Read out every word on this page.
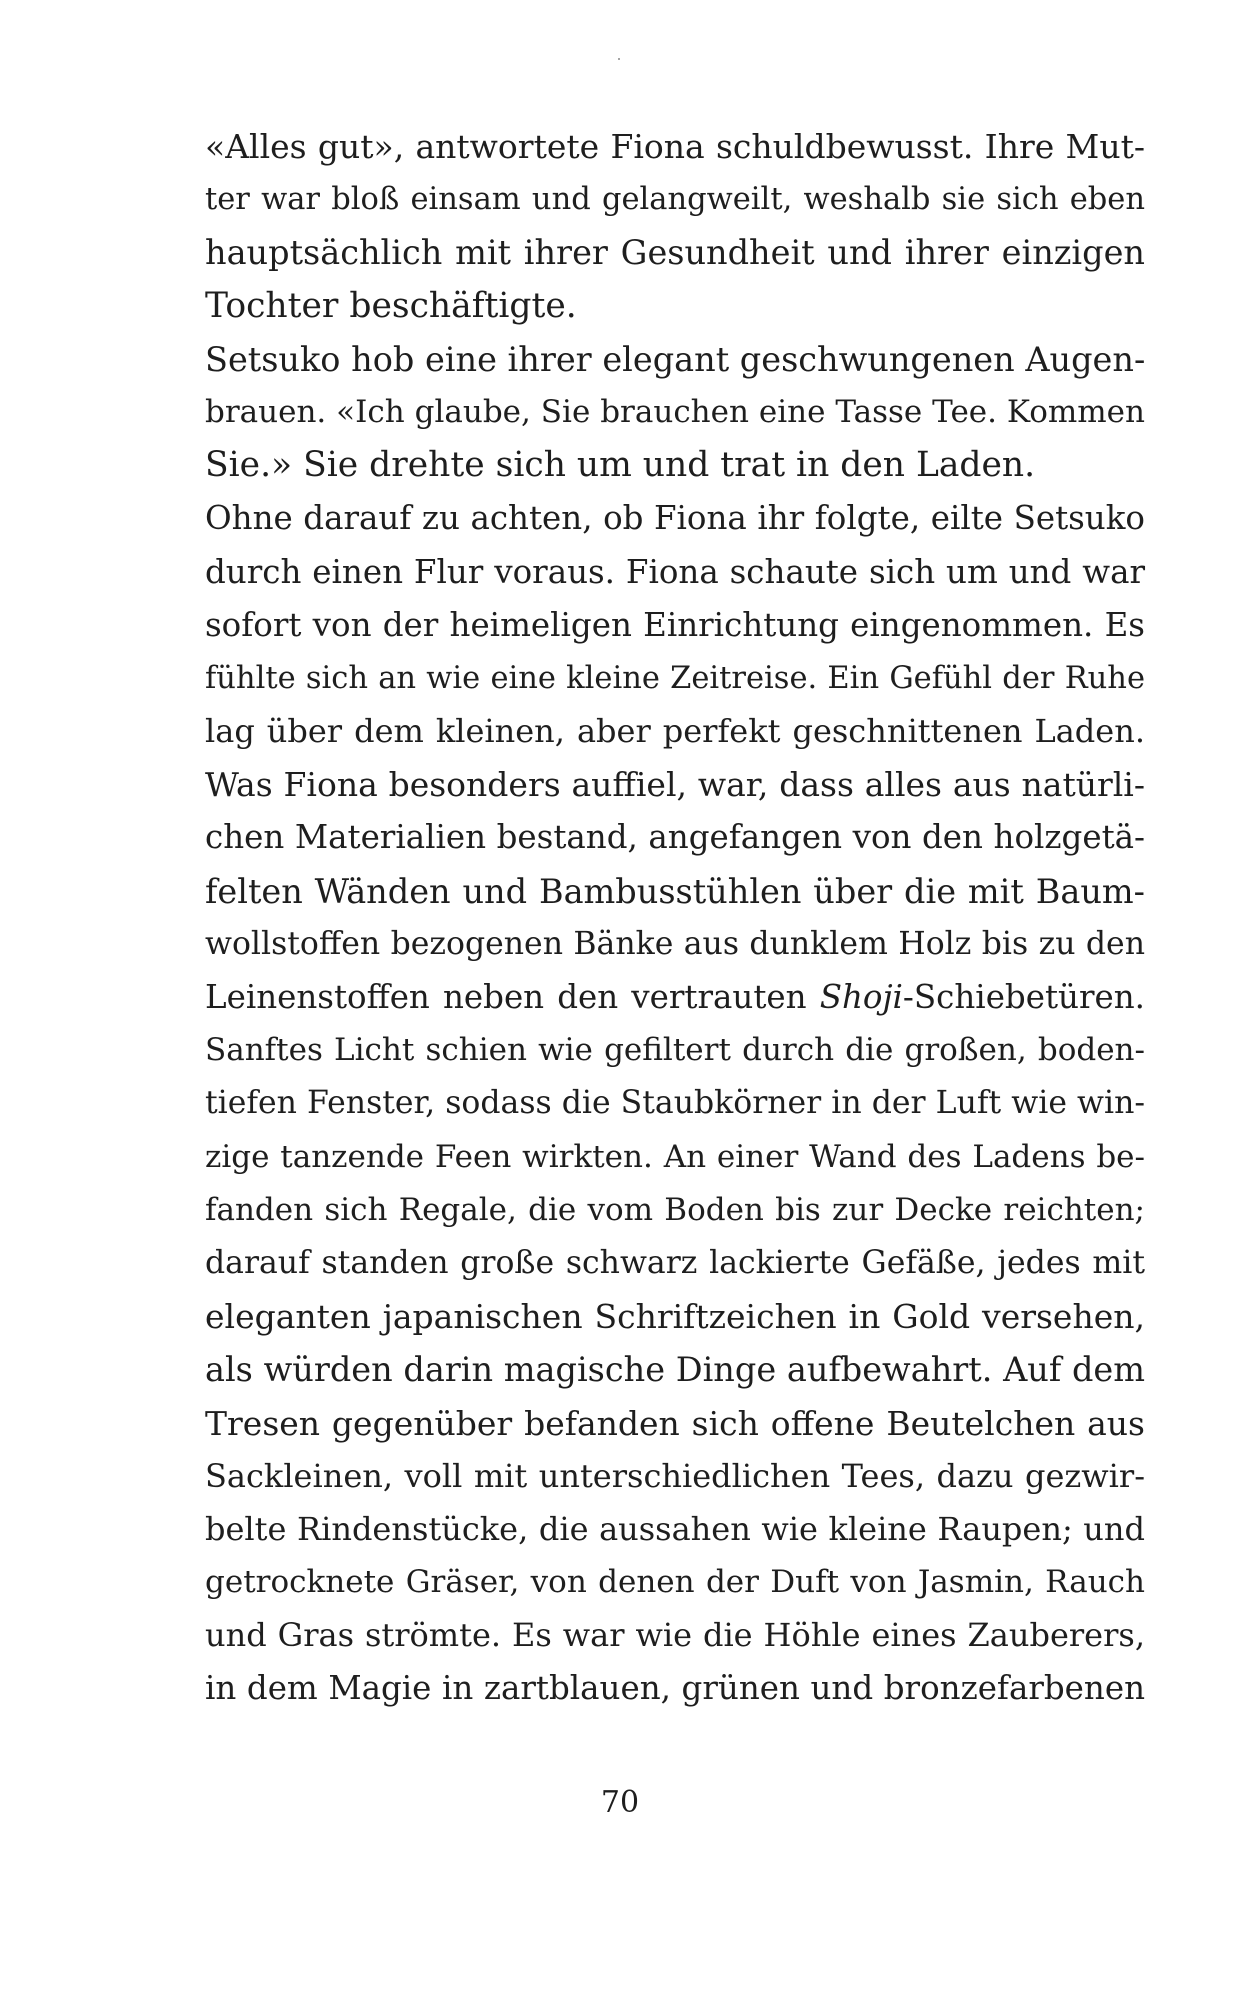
«Alles gut», antwortete Fiona schuldbewusst. Ihre Mut-
ter war bloß einsam und gelangweilt, weshalb sie sich eben
hauptsächlich mit ihrer Gesundheit und ihrer einzigen
Tochter beschäftigte.
Setsuko hob eine ihrer elegant geschwungenen Augen-
brauen. «Ich glaube, Sie brauchen eine Tasse Tee. Kommen
Sie.» Sie drehte sich um und trat in den Laden.
Ohne darauf zu achten, ob Fiona ihr folgte, eilte Setsuko
durch einen Flur voraus. Fiona schaute sich um und war
sofort von der heimeligen Einrichtung eingenommen. Es
fühlte sich an wie eine kleine Zeitreise. Ein Gefühl der Ruhe
lag über dem kleinen, aber perfekt geschnittenen Laden.
Was Fiona besonders auffiel, war, dass alles aus natürli-
chen Materialien bestand, angefangen von den holzgetä-
felten Wänden und Bambusstühlen über die mit Baum-
wollstoffen bezogenen Bänke aus dunklem Holz bis zu den
Leinenstoffen neben den vertrauten Shoji-Schiebetüren.
Sanftes Licht schien wie gefiltert durch die großen, boden-
tiefen Fenster, sodass die Staubkörner in der Luft wie win-
zige tanzende Feen wirkten. An einer Wand des Ladens be-
fanden sich Regale, die vom Boden bis zur Decke reichten;
darauf standen große schwarz lackierte Gefäße, jedes mit
eleganten japanischen Schriftzeichen in Gold versehen,
als würden darin magische Dinge aufbewahrt. Auf dem
Tresen gegenüber befanden sich offene Beutelchen aus
Sackleinen, voll mit unterschiedlichen Tees, dazu gezwir-
belte Rindenstücke, die aussahen wie kleine Raupen; und
getrocknete Gräser, von denen der Duft von Jasmin, Rauch
und Gras strömte. Es war wie die Höhle eines Zauberers,
in dem Magie in zartblauen, grünen und bronzefarbenen
70
